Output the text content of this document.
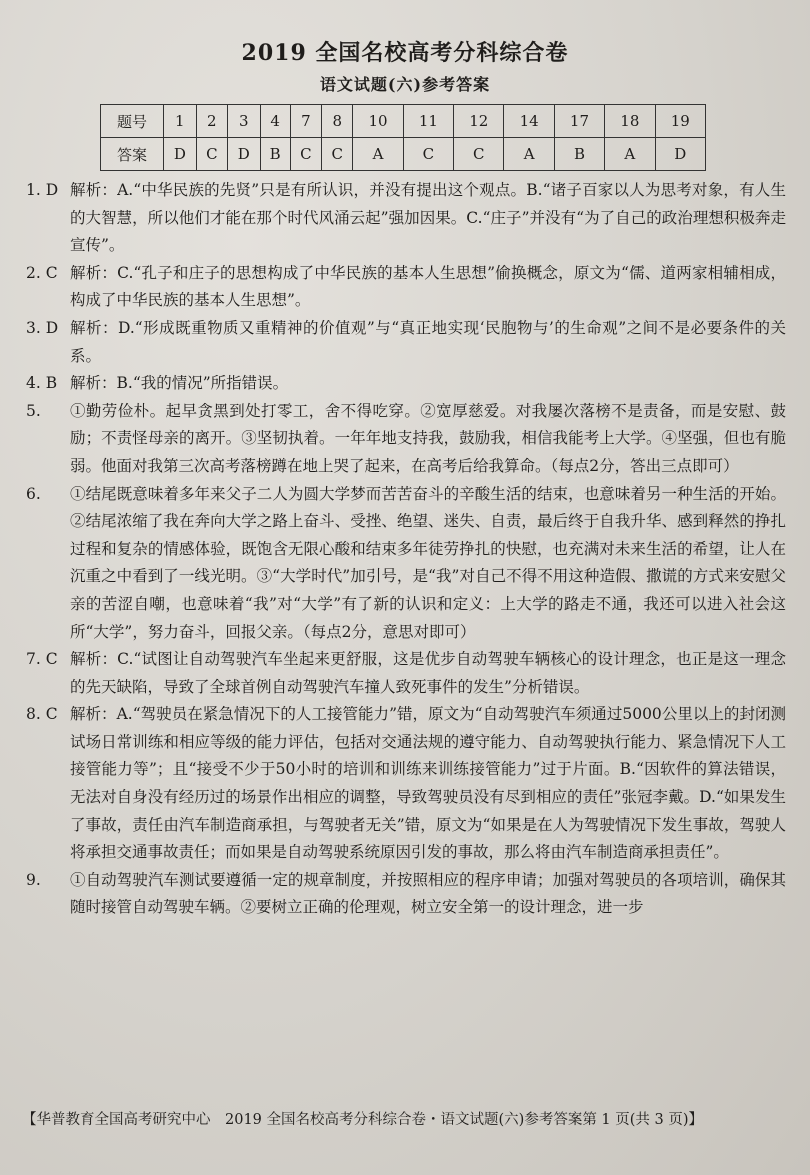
2019 全国名校高考分科综合卷
语文试题(六)参考答案
题号	1	2	3	4	7	8	10	11	12	14	17	18	19
答案	D	C	D	B	C	C	A	C	C	A	B	A	D
1. D 解析：A.“中华民族的先贤”只是有所认识，并没有提出这个观点。B.“诸子百家以人为思考对象，有人生的大智慧，所以他们才能在那个时代风涌云起”强加因果。C.“庄子”并没有“为了自己的政治理想积极奔走宣传”。
2. C 解析：C.“孔子和庄子的思想构成了中华民族的基本人生思想”偷换概念，原文为“儒、道两家相辅相成，构成了中华民族的基本人生思想”。
3. D 解析：D.“形成既重物质又重精神的价值观”与“真正地实现‘民胞物与’的生命观”之间不是必要条件的关系。
4. B 解析：B.“我的情况”所指错误。
5.	①勤劳俭朴。起早贪黑到处打零工，舍不得吃穿。②宽厚慈爱。对我屡次落榜不是责备，而是安慰、鼓励；不责怪母亲的离开。③坚韧执着。一年年地支持我，鼓励我，相信我能考上大学。④坚强，但也有脆弱。他面对我第三次高考落榜蹲在地上哭了起来，在高考后给我算命。（每点2分，答出三点即可）
6.	①结尾既意味着多年来父子二人为圆大学梦而苦苦奋斗的辛酸生活的结束，也意味着另一种生活的开始。②结尾浓缩了我在奔向大学之路上奋斗、受挫、绝望、迷失、自责，最后终于自我升华、感到释然的挣扎过程和复杂的情感体验，既饱含无限心酸和结束多年徒劳挣扎的快慰，也充满对未来生活的希望，让人在沉重之中看到了一线光明。③“大学时代”加引号，是“我”对自己不得不用这种造假、撒谎的方式来安慰父亲的苦涩自嘲，也意味着“我”对“大学”有了新的认识和定义：上大学的路走不通，我还可以进入社会这所“大学”，努力奋斗，回报父亲。（每点2分，意思对即可）
7. C 解析：C.“试图让自动驾驶汽车坐起来更舒服，这是优步自动驾驶车辆核心的设计理念，也正是这一理念的先天缺陷，导致了全球首例自动驾驶汽车撞人致死事件的发生”分析错误。
8. C 解析：A.“驾驶员在紧急情况下的人工接管能力”错，原文为“自动驾驶汽车须通过5000公里以上的封闭测试场日常训练和相应等级的能力评估，包括对交通法规的遵守能力、自动驾驶执行能力、紧急情况下人工接管能力等”；且“接受不少于50小时的培训和训练来训练接管能力”过于片面。B.“因软件的算法错误，无法对自身没有经历过的场景作出相应的调整，导致驾驶员没有尽到相应的责任”张冠李戴。D.“如果发生了事故，责任由汽车制造商承担，与驾驶者无关”错，原文为“如果是在人为驾驶情况下发生事故，驾驶人将承担交通事故责任；而如果是自动驾驶系统原因引发的事故，那么将由汽车制造商承担责任”。
9.	①自动驾驶汽车测试要遵循一定的规章制度，并按照相应的程序申请；加强对驾驶员的各项培训，确保其随时接管自动驾驶车辆。②要树立正确的伦理观，树立安全第一的设计理念，进一步
【华普教育全国高考研究中心　2019 全国名校高考分科综合卷・语文试题(六)参考答案第 1 页(共 3 页)】
